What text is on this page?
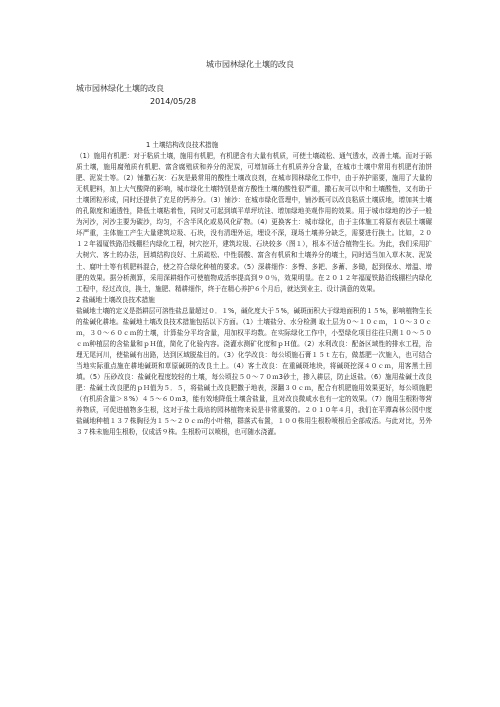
城市园林绿化土壤的改良
城市园林绿化土壤的改良
2014/05/28

1 土壤结构改良技术措施

（1）施用有机肥：对于粘质土壤，施用有机肥，有机肥含有大量有机质，可使土壤疏松、通气透水，改善土壤。而对于砾质土壤，施用腐殖质有机肥、富含腐殖质和养分的泥炭，可增加砾土有机质养分含量，在城市土壤中常用有机肥有油饼肥、泥炭土等。（2）铺撒石灰：石灰是最常用的酸性土壤改良剂，在城市园林绿化工作中，由于养护需要，施用了大量的无机肥料，加上大气酸降的影响，城市绿化土壤特别是南方酸性土壤的酸性很严重，撒石灰可以中和土壤酸性，又有助于土壤团粒形成，同时还提供了充足的钙养分。（3）铺沙：在城市绿化管理中，铺沙既可以改良粘质土壤质地，增加其土壤的孔隙度和通透性，降低土壤粘着性，同时又可起到填平草坪坑洼、增加绿地美观作用的效果。用于城市绿地的沙子一般为河沙，河沙主要为碳沙，均匀，不含半风化或易风化矿物。（4）更换客土：城市绿化，由于主体施工将原有表层土壤碾坏严重，主体施工产生大量建筑垃圾、石块，没有清理外运，埋设不深，现场土壤养分缺乏，需要进行换土。比如，２０１２年福厦铁路沿线棚栏内绿化工程，树穴挖开，建筑垃圾、石块较多（图１），根本不适合植物生长。为此，我们采用扩大树穴、客土的办法，回填结构良好、土质疏松、中性弱酸、富含有机质和土壤养分的壤土，同时适当加入草木灰、泥炭土、腐叶土等有机肥料混合，使之符合绿化种植的要求。（5）深耕细作：多臀、多耙、多蓄、多锄，起到保水、增温、增肥的效果。据分析测算，采用深耕细作可使植物成活率提高到９０％，效果明显。在２０１２年福厦铁路沿线棚栏内绿化工程中，经过改良，换土，施肥、精耕细作，终于在精心养护６个月后，就达到业主、设计满意的效果。

2 盐碱地土壤改良技术措施

盐碱地土壤的定义是指耕层可溶性盐总量超过０．１%，碱化度大于５%，碱斑面积大于绿地面积的１５%，影响植物生长的盐碱化耕地。盐碱地土壤改良技术措施包括以下方面。（1）土壤盐分、水分检测 取土层为０～１０ｃｍ，１０～３０ｃｍ，３０～６０ｃｍ的土壤，计算盐分平均含量，用加权平均数。在实际绿化工作中，小型绿化项目往往只测１０～５０ｃｍ种植层的含盐量和ｐＨ值，简化了化验内容。浇灌水测矿化度和ｐＨ值。（2）水利改良：配备区域性的排水工程，治理无尾河川，使盐碱有出路，达到区域脱盐目的。（3）化学改良：每公顷施石膏１５ｔ左右，做基肥一次施入，也可结合当地实际重点施在耕地碱斑和草原碱斑的改良土上。（4）客土改良：在重碱斑地块，将碱斑挖深４０ｃｍ，用客黑土回填。（5）压砂改良：盐碱化程度较轻的土壤，每公顷拉５０～７０ｍ3砂土，掺入耕层，防止返盐。（6）施用盐碱土改良肥：盐碱土改良肥的ｐＨ值为５．５，将盐碱土改良肥撒于地表，深翻３０ｃｍ，配合有机肥施用效果更好，每公顷施肥（有机质含量＞８%）４５～６０ｍ3，能有效地降低土壤含盐量，且对改良微咸水也有一定的效果。（7）施用生根粉等营养物质，可促进植物多生根，这对于盐土栽培的园林植物来说是非常重要的。２０１０年４月，我们在平潭森林公园中度盐碱地种植１３７株胸径为１５～２０ｃｍ的小叶榕，群落式布置，１００株用生根粉喷根后全部成活。与此对比，另外３７株未施用生根粉，仅成活９株。生根粉可以喷根，也可随水浇灌。
